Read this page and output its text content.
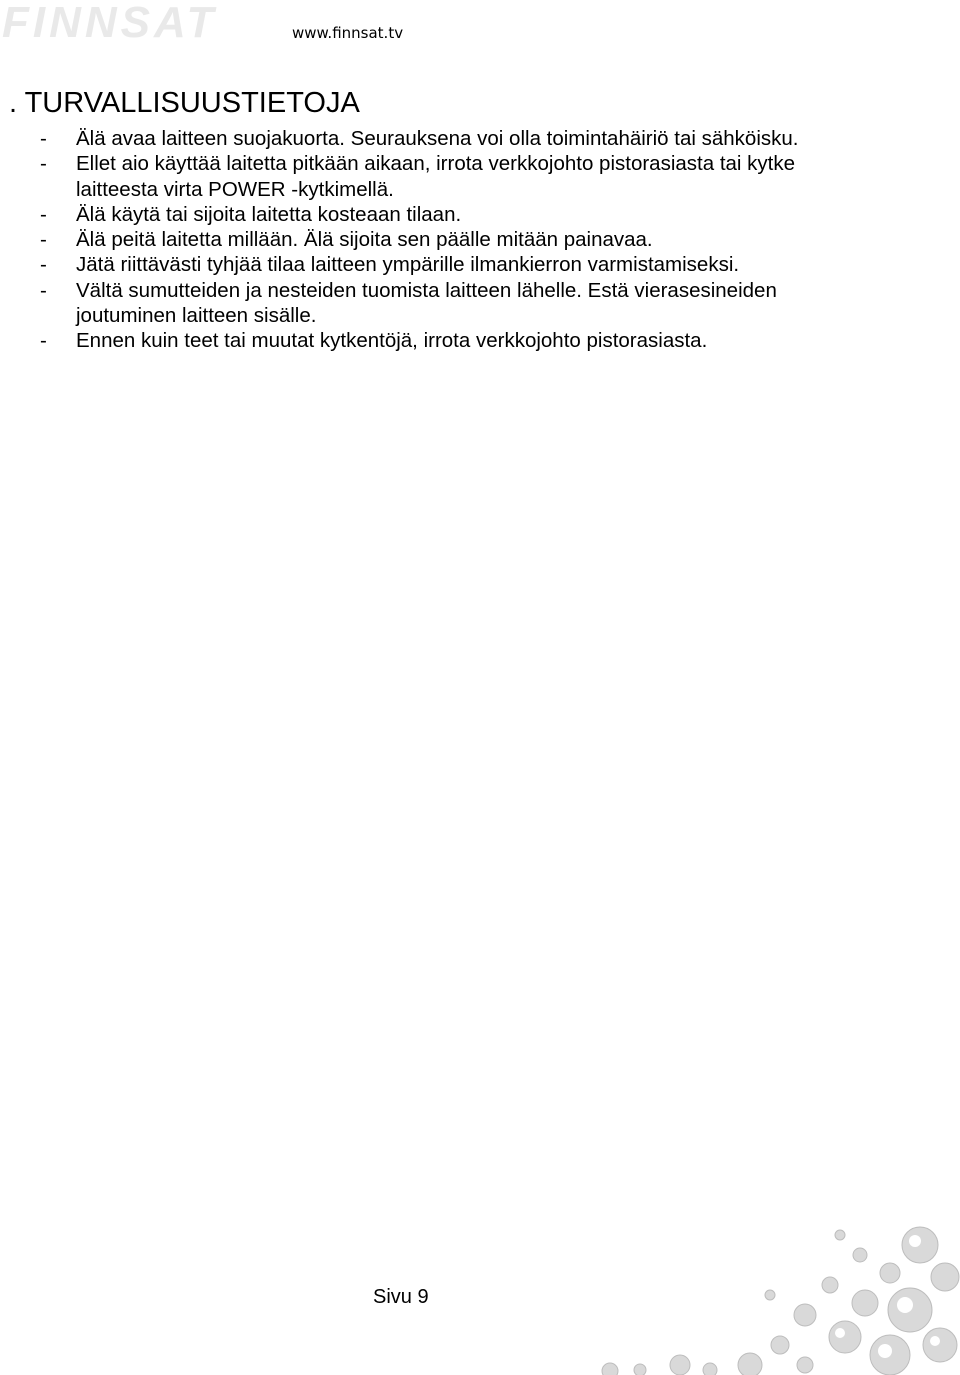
FINNSAT	www.finnsat.tv
. TURVALLISUUSTIETOJA
- Älä avaa laitteen suojakuorta. Seurauksena voi olla toimintahäiriö tai sähköisku.
- Ellet aio käyttää laitetta pitkään aikaan, irrota verkkojohto pistorasiasta tai kytke laitteesta virta POWER -kytkimellä.
- Älä käytä tai sijoita laitetta kosteaan tilaan.
- Älä peitä laitetta millään. Älä sijoita sen päälle mitään painavaa.
- Jätä riittävästi tyhjää tilaa laitteen ympärille ilmankierron varmistamiseksi.
- Vältä sumutteiden ja nesteiden tuomista laitteen lähelle. Estä vierasesineiden joutuminen laitteen sisälle.
- Ennen kuin teet tai muutat kytkentöjä, irrota verkkojohto pistorasiasta.
Sivu 9
